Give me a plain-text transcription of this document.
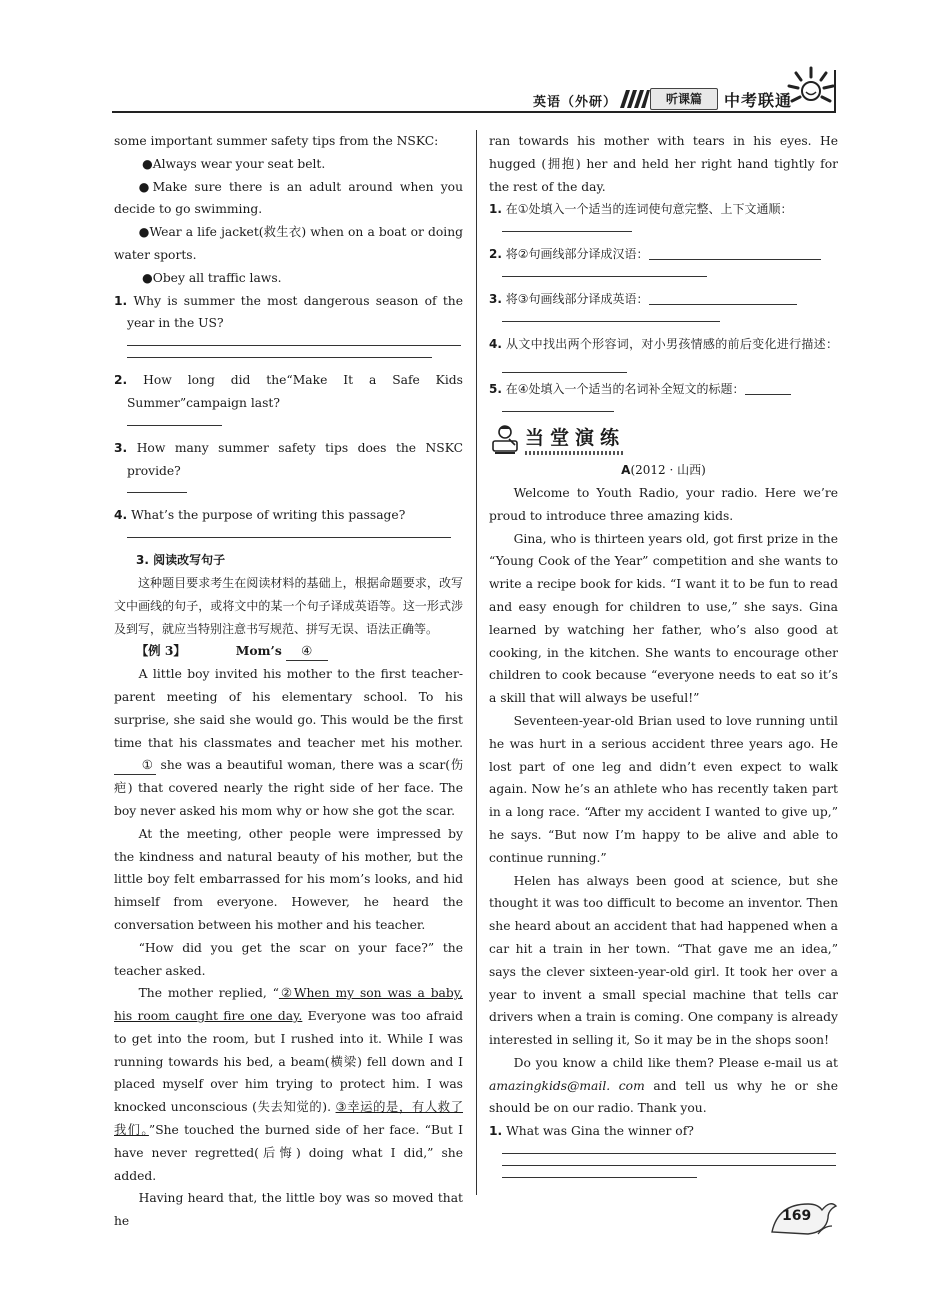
英语（外研）	听课篇	中考联通

some important summer safety tips from the NSKC:

●Always wear your seat belt.

●Make sure there is an adult around when you decide to go swimming.

●Wear a life jacket(救生衣) when on a boat or doing water sports.

●Obey all traffic laws.

1. Why is summer the most dangerous season of the year in the US?

2. How long did the“Make It a Safe Kids Summer”campaign last?

3. How many summer safety tips does the NSKC provide?

4. What’s the purpose of writing this passage?

3. 阅读改写句子

这种题目要求考生在阅读材料的基础上，根据命题要求，改写文中画线的句子，或将文中的某一个句子译成英语等。这一形式涉及到写，就应当特别注意书写规范、拼写无误、语法正确等。

【例 3】	Mom’s ④

A little boy invited his mother to the first teacher-parent meeting of his elementary school. To his surprise, she said she would go. This would be the first time that his classmates and teacher met his mother. ① she was a beautiful woman, there was a scar(伤疤) that covered nearly the right side of her face. The boy never asked his mom why or how she got the scar.

At the meeting, other people were impressed by the kindness and natural beauty of his mother, but the little boy felt embarrassed for his mom’s looks, and hid himself from everyone. However, he heard the conversation between his mother and his teacher.

“How did you get the scar on your face?” the teacher asked.

The mother replied, “②When my son was a baby, his room caught fire one day. Everyone was too afraid to get into the room, but I rushed into it. While I was running towards his bed, a beam(横梁) fell down and I placed myself over him trying to protect him. I was knocked unconscious (失去知觉的). ③幸运的是，有人救了我们。”She touched the burned side of her face. “But I have never regretted(后悔) doing what I did,” she added.

Having heard that, the little boy was so moved that he

ran towards his mother with tears in his eyes. He hugged (拥抱) her and held her right hand tightly for the rest of the day.

1. 在①处填入一个适当的连词使句意完整、上下文通顺：

2. 将②句画线部分译成汉语：

3. 将③句画线部分译成英语：

4. 从文中找出两个形容词，对小男孩情感的前后变化进行描述：

5. 在④处填入一个适当的名词补全短文的标题：

当堂演练

A(2012 · 山西)

Welcome to Youth Radio, your radio. Here we’re proud to introduce three amazing kids.

Gina, who is thirteen years old, got first prize in the “Young Cook of the Year” competition and she wants to write a recipe book for kids. “I want it to be fun to read and easy enough for children to use,” she says. Gina learned by watching her father, who’s also good at cooking, in the kitchen. She wants to encourage other children to cook because “everyone needs to eat so it’s a skill that will always be useful!”

Seventeen-year-old Brian used to love running until he was hurt in a serious accident three years ago. He lost part of one leg and didn’t even expect to walk again. Now he’s an athlete who has recently taken part in a long race. “After my accident I wanted to give up,” he says. “But now I’m happy to be alive and able to continue running.”

Helen has always been good at science, but she thought it was too difficult to become an inventor. Then she heard about an accident that had happened when a car hit a train in her town. “That gave me an idea,” says the clever sixteen-year-old girl. It took her over a year to invent a small special machine that tells car drivers when a train is coming. One company is already interested in selling it, So it may be in the shops soon!

Do you know a child like them? Please e-mail us at amazingkids@mail. com and tell us why he or she should be on our radio. Thank you.

1. What was Gina the winner of?

169
